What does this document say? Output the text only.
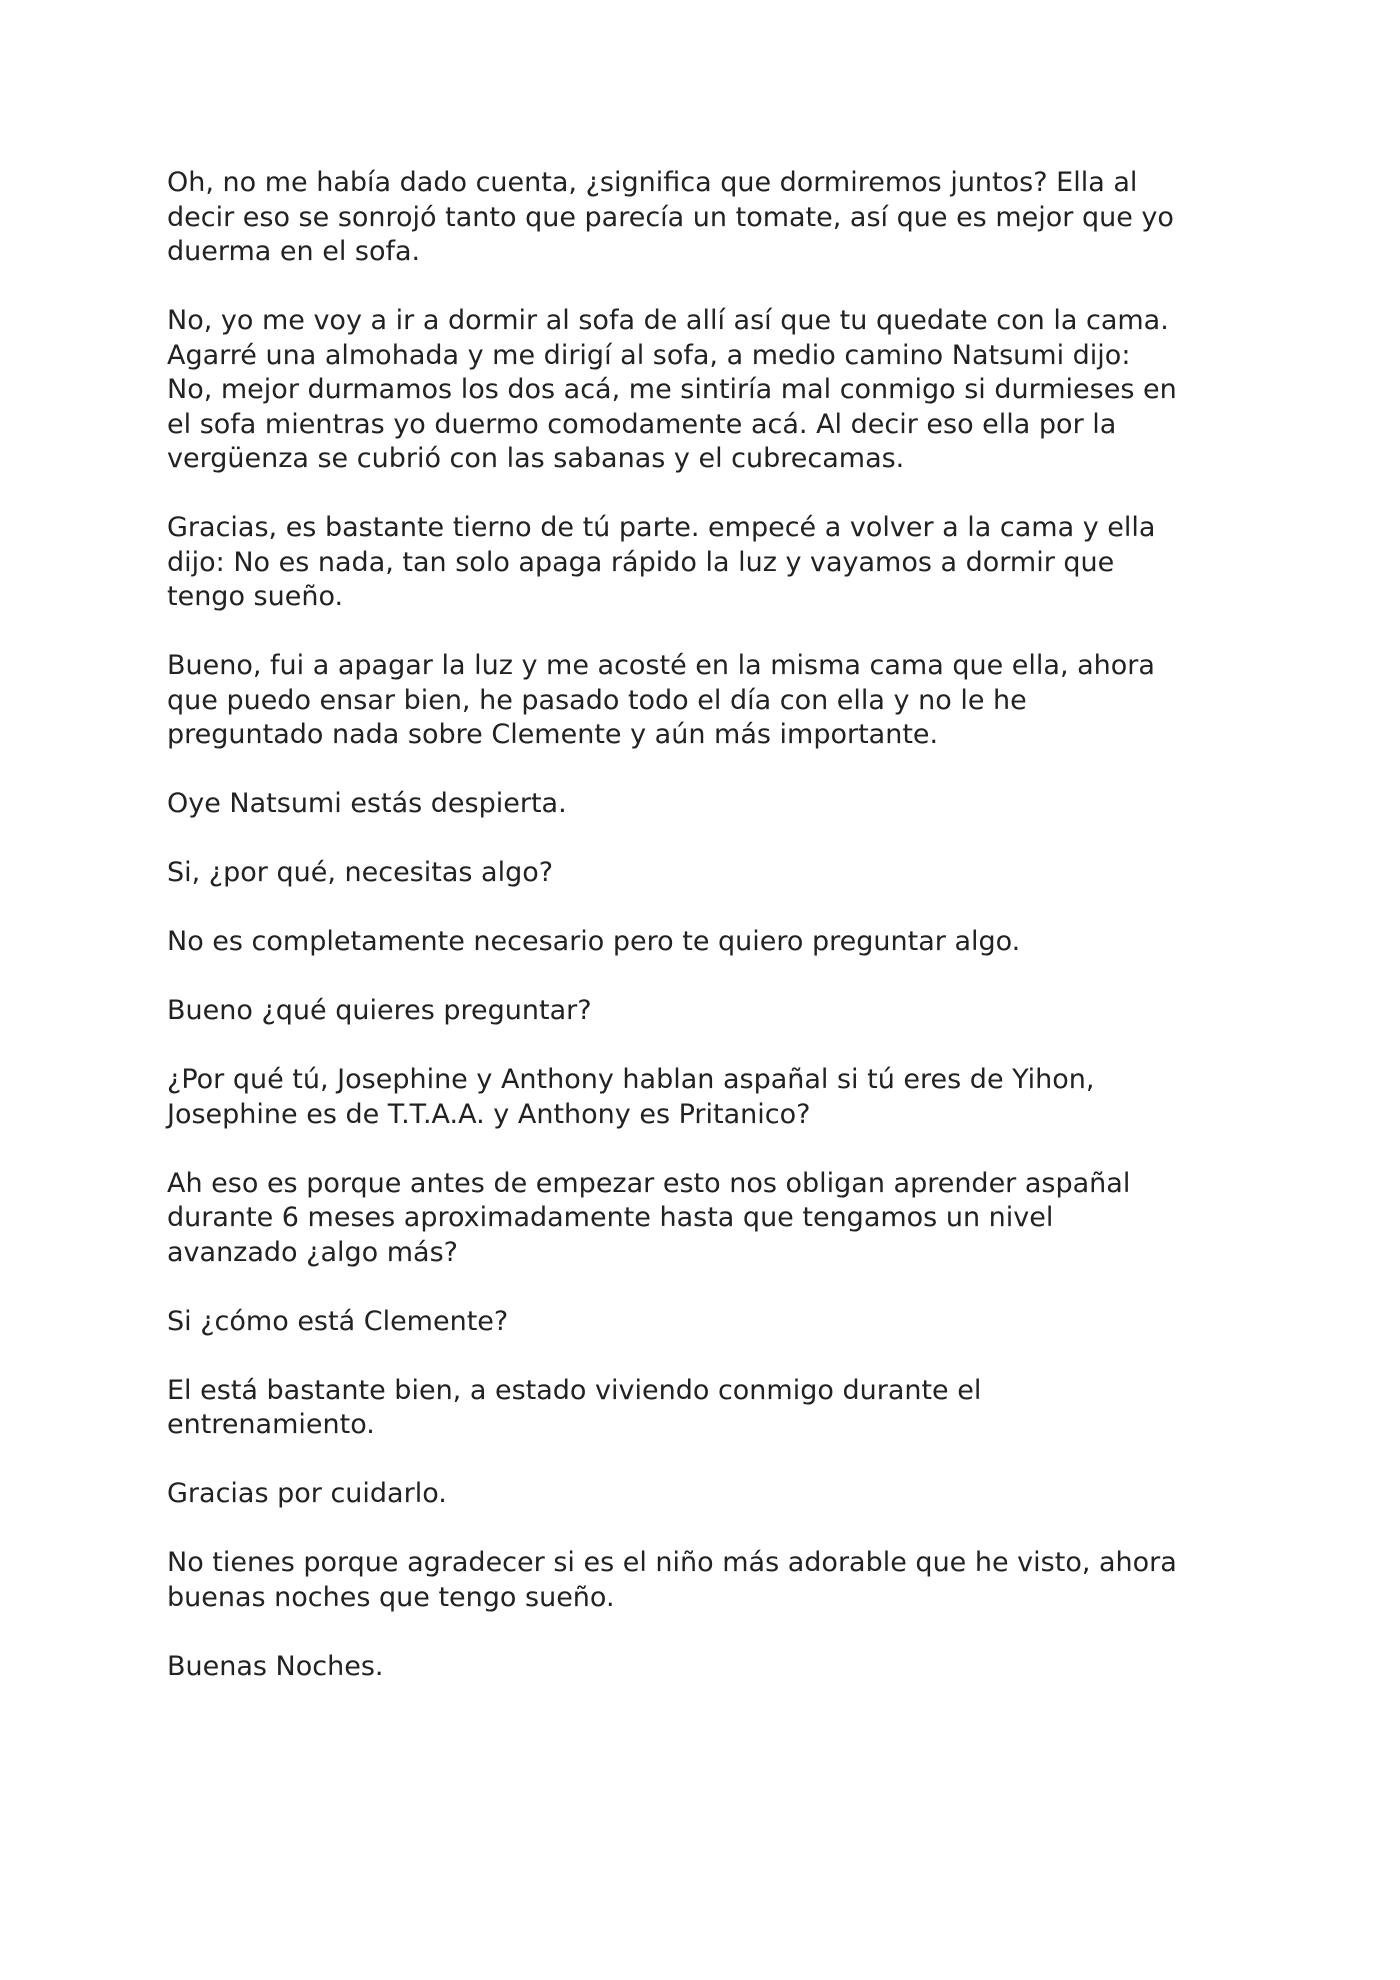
Oh, no me había dado cuenta, ¿significa que dormiremos juntos? Ella al
decir eso se sonrojó tanto que parecía un tomate, así que es mejor que yo
duerma en el sofa.

No, yo me voy a ir a dormir al sofa de allí así que tu quedate con la cama.
Agarré una almohada y me dirigí al sofa, a medio camino Natsumi dijo:
No, mejor durmamos los dos acá, me sintiría mal conmigo si durmieses en
el sofa mientras yo duermo comodamente acá. Al decir eso ella por la
vergüenza se cubrió con las sabanas y el cubrecamas.

Gracias, es bastante tierno de tú parte. empecé a volver a la cama y ella
dijo: No es nada, tan solo apaga rápido la luz y vayamos a dormir que
tengo sueño.

Bueno, fui a apagar la luz y me acosté en la misma cama que ella, ahora
que puedo ensar bien, he pasado todo el día con ella y no le he
preguntado nada sobre Clemente y aún más importante.

Oye Natsumi estás despierta.

Si, ¿por qué, necesitas algo?

No es completamente necesario pero te quiero preguntar algo.

Bueno ¿qué quieres preguntar?

¿Por qué tú, Josephine y Anthony hablan aspañal si tú eres de Yihon,
Josephine es de T.T.A.A. y Anthony es Pritanico?

Ah eso es porque antes de empezar esto nos obligan aprender aspañal
durante 6 meses aproximadamente hasta que tengamos un nivel
avanzado ¿algo más?

Si ¿cómo está Clemente?

El está bastante bien, a estado viviendo conmigo durante el
entrenamiento.

Gracias por cuidarlo.

No tienes porque agradecer si es el niño más adorable que he visto, ahora
buenas noches que tengo sueño.

Buenas Noches.
